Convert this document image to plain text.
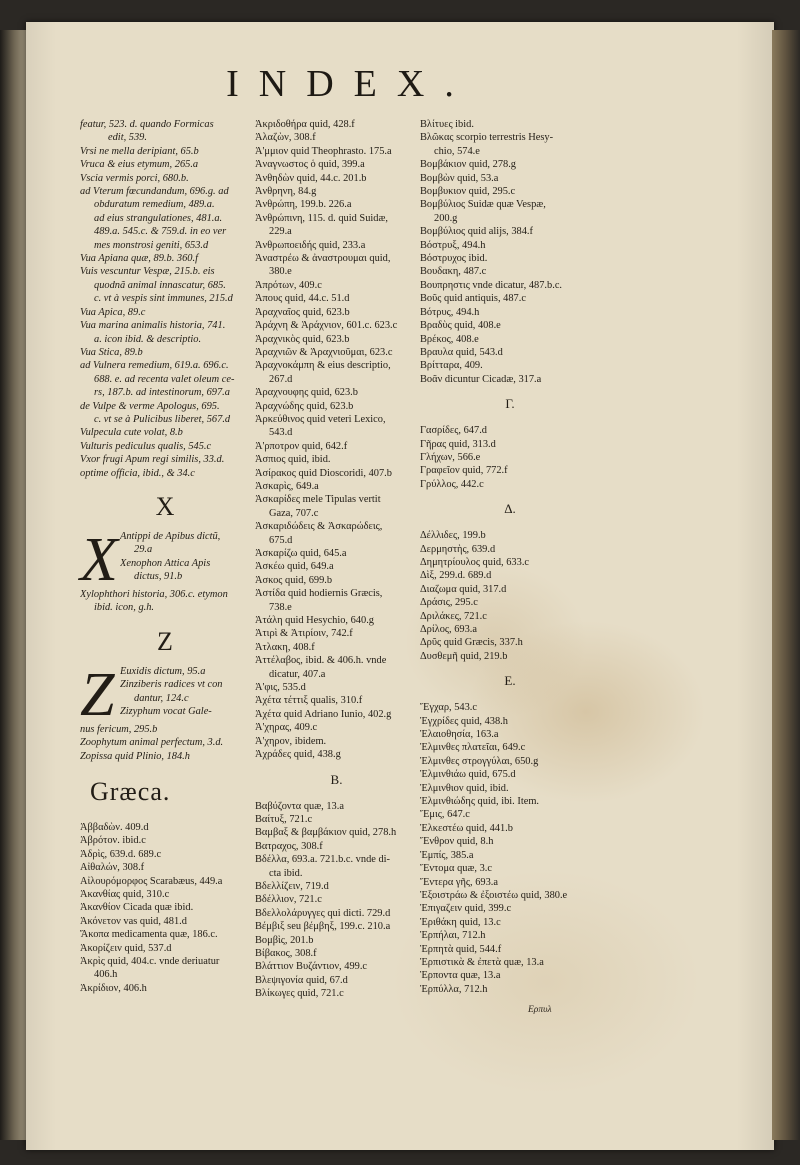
INDEX.
featur, 523. d. quando Formicas
edit, 539.
Vrsi ne mella deripiant, 65.b
Vruca & eius etymum, 265.a
Vscia vermis porci, 680.b.
ad Vterum fœcundandum, 696.g. ad
obduratum remedium, 489.a.
ad eius strangulationes, 481.a.
489.a. 545.c. & 759.d. in eo ver
mes monstrosi geniti, 653.d
Vua Apiana quæ, 89.b. 360.f
Vuis vescuntur Vespæ, 215.b. eis
quodnã animal innascatur, 685.
c. vt à vespis sint immunes, 215.d
Vua Apica, 89.c
Vua marina animalis historia, 741.
a. icon ibid. & descriptio.
Vua Stica, 89.b
ad Vulnera remedium, 619.a. 696.c.
688. e. ad recenta valet oleum ce-
rs, 187.b. ad intestinorum, 697.a
de Vulpe & verme Apologus, 695.
c. vt se à Pulicibus liberet, 567.d
Vulpecula cute volat, 8.b
Vulturis pediculus qualis, 545.c
Vxor frugi Apum regi similis, 33.d.
optime officia, ibid., & 34.c
X
X Antippi de Apibus dictũ,
29.a
Xenophon Attica Apis
dictus, 91.b
Xylophthori historia, 306.c. etymon
ibid. icon, g.h.
Z
Z Euxidis dictum, 95.a
Zinziberis radices vt con
dantur, 124.c
Zizyphum vocat Gale-
nus fericum, 295.b
Zoophytum animal perfectum, 3.d.
Zopissa quid Plinio, 184.h
Græca.
Ἀββαδὼν. 409.d
Ἀβρότον. ibid.c
Ἀδρὶς, 639.d. 689.c
Αἰθαλών, 308.f
Αἰλουρόμορφος Scarabæus, 449.a
Ἀκανθίας quid, 310.c
Ἀκανθίον Cicada quæ ibid.
Ἀκόνετον vas quid, 481.d
Ἄκοπα medicamenta quæ, 186.c.
Ἀκορίζειν quid, 537.d
Ἀκρὶς quid, 404.c. vnde deriuatur
406.h
Ἀκρίδιον, 406.h
Ἀκριδοθήρα quid, 428.f
Ἀλαζὼν, 308.f
Ἀ'μμιον quid Theophrasto. 175.a
Ἀναγνωστος ὁ quid, 399.a
Ἀνθηδὼν quid, 44.c. 201.b
Ἀνθρηνη, 84.g
Ἀνθρώπη, 199.b. 226.a
Ἀνθρώπινη, 115. d. quid Suidæ,
229.a
Ἀνθρωποειδής quid, 233.a
Ἀναστρέω & ἀναστρουμαι quid,
380.e
Ἀπρότων, 409.c
Ἀπους quid, 44.c. 51.d
Ἀραχναῖος quid, 623.b
Ἀράχνη & Ἀράχνιον, 601.c. 623.c
Ἀραχνικὸς quid, 623.b
Ἀραχνιῶν & Ἀραχνιοῦμαι, 623.c
Ἀραχνοκάμπη & eius descriptio,
267.d
Ἀραχνουφης quid, 623.b
Ἀραχνώδης quid, 623.b
Ἀρκεύθινος quid veteri Lexico,
543.d
Ἀ'ρποτρον quid, 642.f
Ἀσπιος quid, ibid.
Ἀσίρακος quid Dioscoridi, 407.b
Ἀσκαρὶς, 649.a
Ἀσκαρίδες mele Tipulas vertit
Gaza, 707.c
Ἀσκαριδώδεις & Ἀσκαρώδεις,
675.d
Ἀσκαρίζω quid, 645.a
Ἀσκέω quid, 649.a
Ἀσκος quid, 699.b
Ἀστίδα quid hodiernis Græcis,
738.e
Ἀτάλη quid Hesychio, 640.g
Ἀτιρὶ & Ἀτιρίοιν, 742.f
Ἀτλακη, 408.f
Ἀττέλαβος, ibid. & 406.h. vnde
dicatur, 407.a
Ἀ'φις, 535.d
Ἀχέτα τέττιξ qualis, 310.f
Ἀχέτα quid Adriano Iunio, 402.g
Ἀ'χηρας, 409.c
Ἀ'χηρον, ibidem.
Ἀχράδες quid, 438.g
B.
Βαβύζοντα quæ, 13.a
Βαίτυξ, 721.c
Βαμβαξ & βαμβάκιον quid, 278.h
Βατραχος, 308.f
Βδέλλα, 693.a. 721.b.c. vnde di-
cta ibid.
Βδελλίζειν, 719.d
Βδέλλιον, 721.c
Βδελλολάρυγγες qui dicti. 729.d
Βέμβιξ seu βέμβηξ, 199.c. 210.a
Βομβὶς, 201.b
Βίβακος, 308.f
Βλάττιον Βυζάντιον, 499.c
Βλεψιγονία quid, 67.d
Βλίκωγες quid, 721.c
Βλίτυες ibid.
Βλῶκας scorpio terrestris Hesy-
chio, 574.e
Βομβάκιον quid, 278.g
Βομβὼν quid, 53.a
Βομβυκιον quid, 295.c
Βομβύλιος Suidæ quæ Vespæ,
200.g
Βομβύλιος quid alijs, 384.f
Βόστρυξ, 494.h
Βόστρυχος ibid.
Βουδακη, 487.c
Βουπρηστις vnde dicatur, 487.b.c.
Βοῦς quid antiquis, 487.c
Βότρυς, 494.h
Βραδὺς quid, 408.e
Βρέκος, 408.e
Βραυλα quid, 543.d
Βρίτταρα, 409.
Βοᾶν dicuntur Cicadæ, 317.a
Γ.
Γασρίδες, 647.d
Γῆρας quid, 313.d
Γλήχων, 566.e
Γραφεῖον quid, 772.f
Γρύλλος, 442.c
Δ.
Δέλλιδες, 199.b
Δερμηστὴς, 639.d
Δημητρίουλος quid, 633.c
Δὶξ, 299.d. 689.d
Διαζωμα quid, 317.d
Δράσις, 295.c
Δριλάκες, 721.c
Δρίλος, 693.a
Δρῦς quid Græcis, 337.h
Δυσθεμῆ quid, 219.b
E.
Ἔγχαρ, 543.c
Ἐγχρίδες quid, 438.h
Ἐλαιοθησία, 163.a
Ἐλμινθες πλατεῖαι, 649.c
Ἐλμινθες στρογγύλαι, 650.g
Ἐλμινθιάω quid, 675.d
Ἐλμινθιον quid, ibid.
Ἐλμινθιώδης quid, ibi. Item.
Ἔμις, 647.c
Ἐλκεστέω quid, 441.b
Ἔνθρον quid, 8.h
Ἐμπίς, 385.a
Ἔντομα quæ, 3.c
Ἔντερα γῆς, 693.a
Ἐξοιστράω & ἐξοιστέω quid, 380.e
Ἐπιγαζειν quid, 399.c
Ἐριθάκη quid, 13.c
Ἐρπήλαι, 712.h
Ἑρπητὰ quid, 544.f
Ἐρπιστικὰ & ἐπετὰ quæ, 13.a
Ἑρποντα quæ, 13.a
Ἐρπύλλα, 712.h
Ερπυλ
